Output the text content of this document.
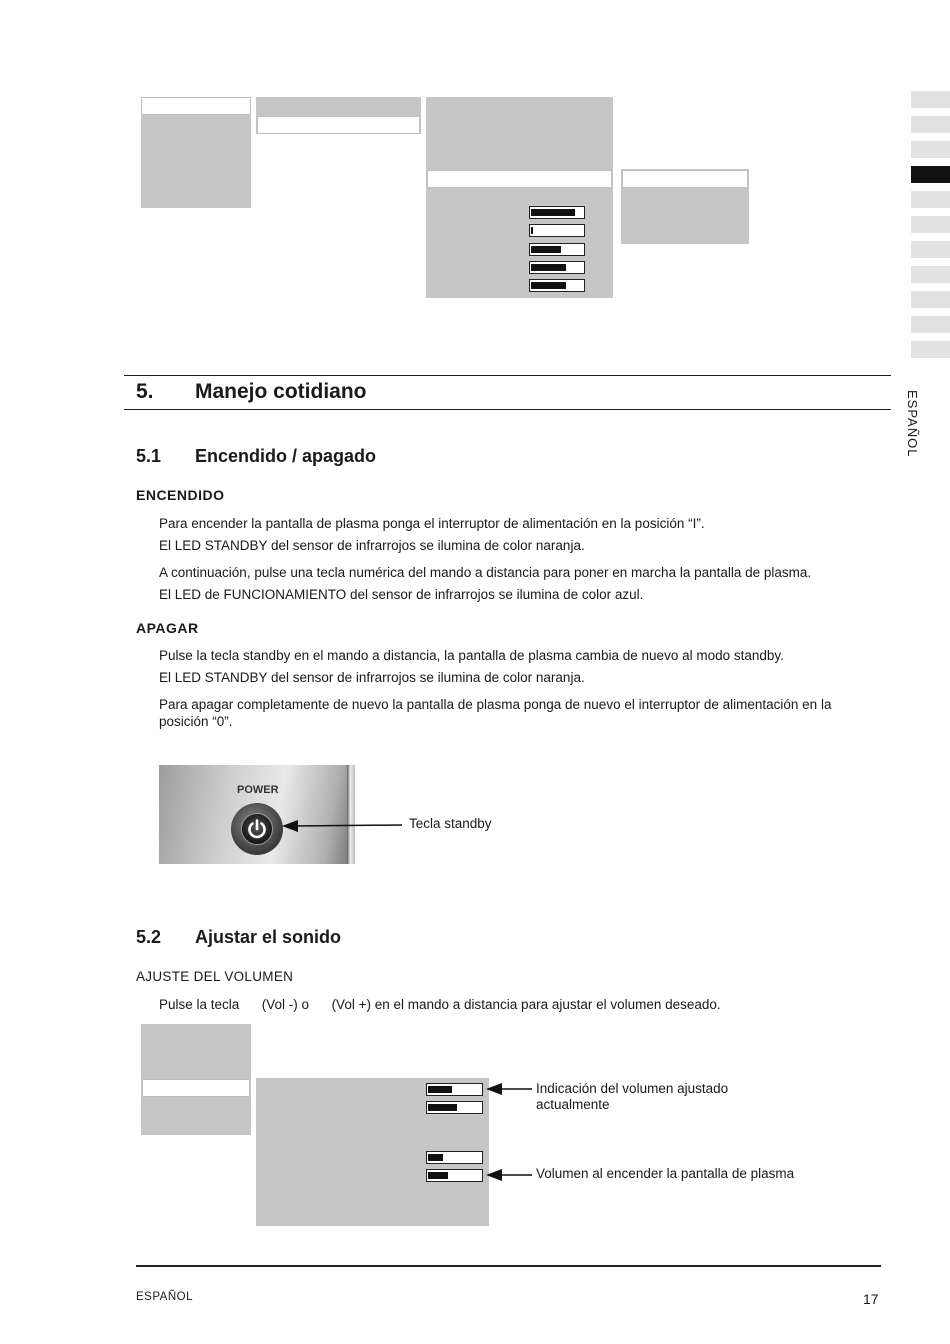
ESPAÑOL
5. Manejo cotidiano
5.1 Encendido / apagado
ENCENDIDO
Para encender la pantalla de plasma ponga el interruptor de alimentación en la posición “I”.
El LED STANDBY del sensor de infrarrojos se ilumina de color naranja.
A continuación, pulse una tecla numérica del mando a distancia para poner en marcha la pantalla de plasma.
El LED de FUNCIONAMIENTO del sensor de infrarrojos se ilumina de color azul.
APAGAR
Pulse la tecla standby en el mando a distancia, la pantalla de plasma cambia de nuevo al modo standby.
El LED STANDBY del sensor de infrarrojos se ilumina de color naranja.
Para apagar completamente de nuevo la pantalla de plasma ponga de nuevo el interruptor de alimentación en la posición “0”.
POWER
Tecla standby
5.2 Ajustar el sonido
AJUSTE DEL VOLUMEN
Pulse la tecla      (Vol -) o      (Vol +) en el mando a distancia para ajustar el volumen deseado.
Indicación del volumen ajustado actualmente
Volumen al encender la pantalla de plasma
ESPAÑOL	17
